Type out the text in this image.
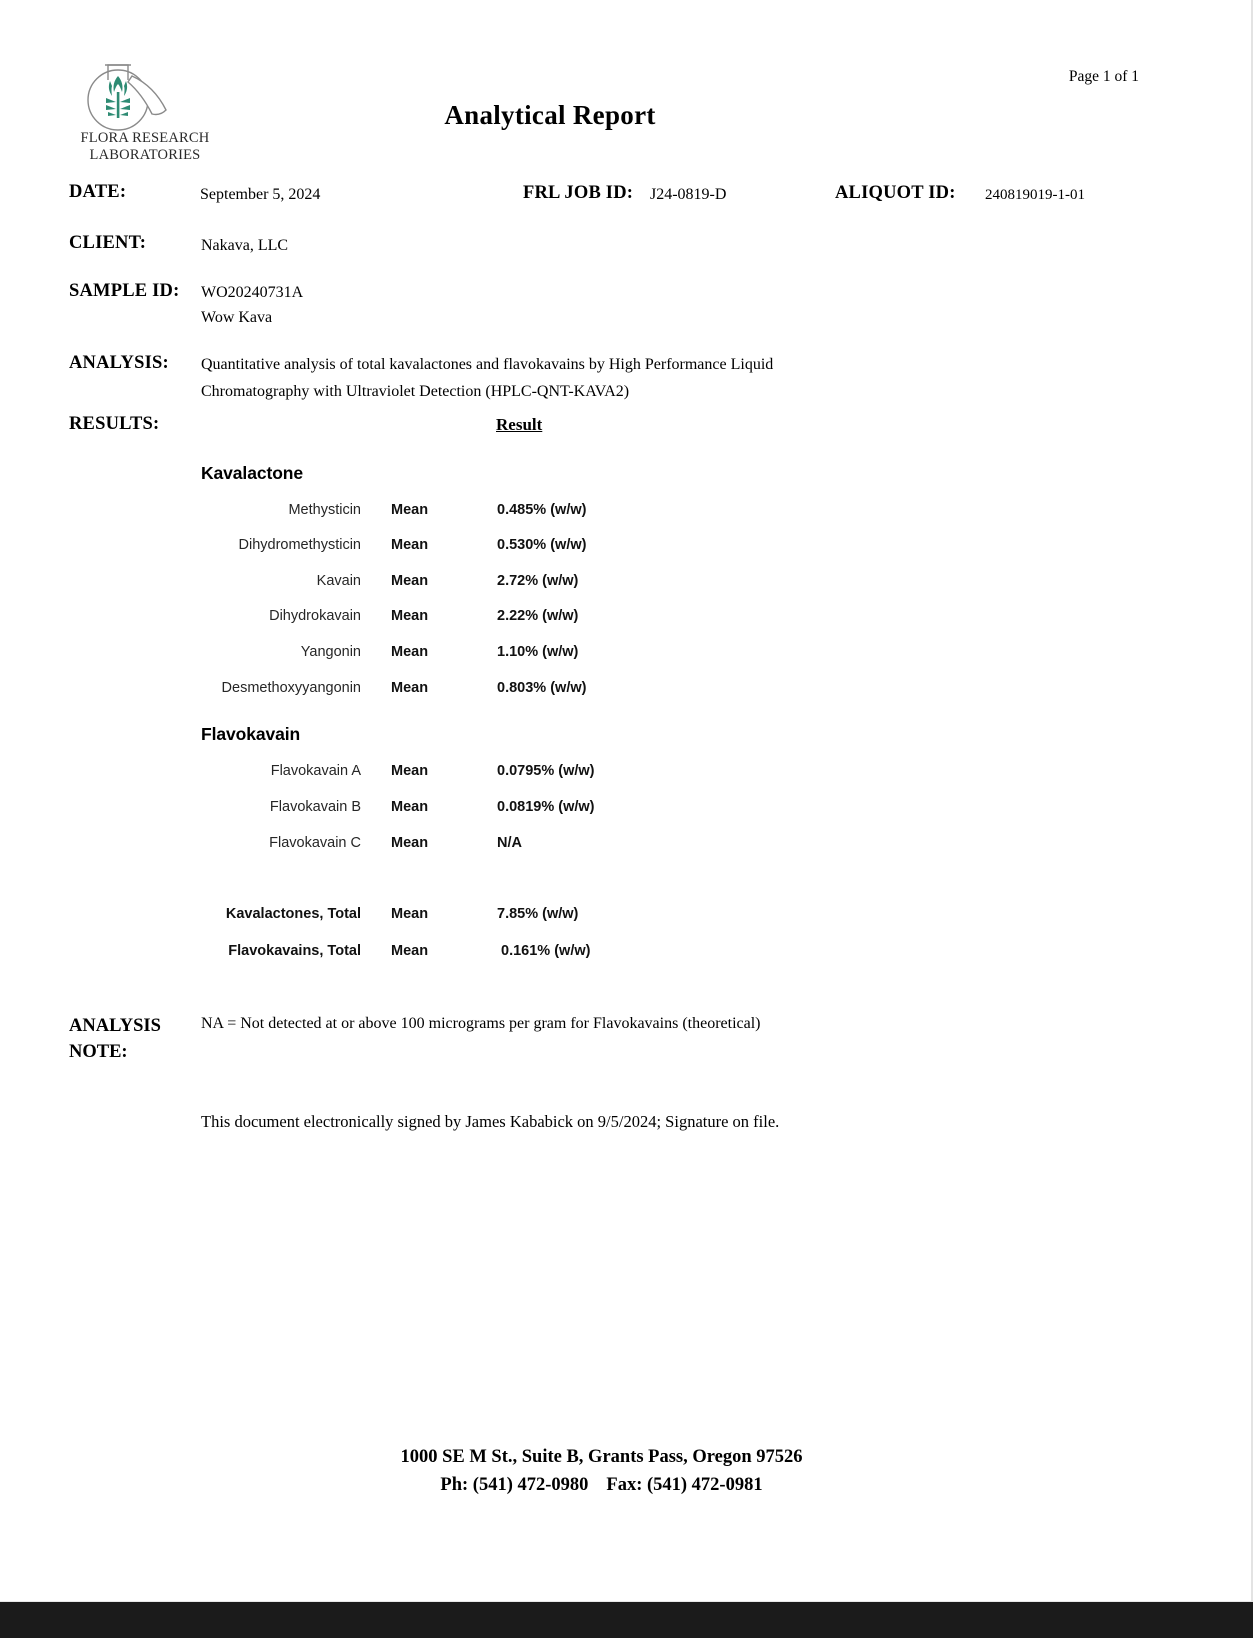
Page 1 of 1
FLORA RESEARCH
LABORATORIES
Analytical Report
DATE:	September 5, 2024	FRL JOB ID: J24-0819-D	ALIQUOT ID: 240819019-1-01
CLIENT:	Nakava, LLC
SAMPLE ID: WO20240731A
Wow Kava
ANALYSIS: Quantitative analysis of total kavalactones and flavokavains by High Performance Liquid
Chromatography with Ultraviolet Detection (HPLC-QNT-KAVA2)
RESULTS:	Result
Kavalactone
Methysticin Mean	0.485% (w/w)
Dihydromethysticin Mean	0.530% (w/w)
Kavain Mean	2.72% (w/w)
Dihydrokavain Mean	2.22% (w/w)
Yangonin Mean	1.10% (w/w)
Desmethoxyyangonin Mean	0.803% (w/w)
Flavokavain
Flavokavain A Mean	0.0795% (w/w)
Flavokavain B Mean	0.0819% (w/w)
Flavokavain C Mean	N/A
Kavalactones, Total Mean	7.85% (w/w)
Flavokavains, Total Mean	0.161% (w/w)
ANALYSIS
NOTE:
NA = Not detected at or above 100 micrograms per gram for Flavokavains (theoretical)
This document electronically signed by James Kababick on 9/5/2024; Signature on file.
1000 SE M St., Suite B, Grants Pass, Oregon 97526
Ph: (541) 472-0980 Fax: (541) 472-0981
